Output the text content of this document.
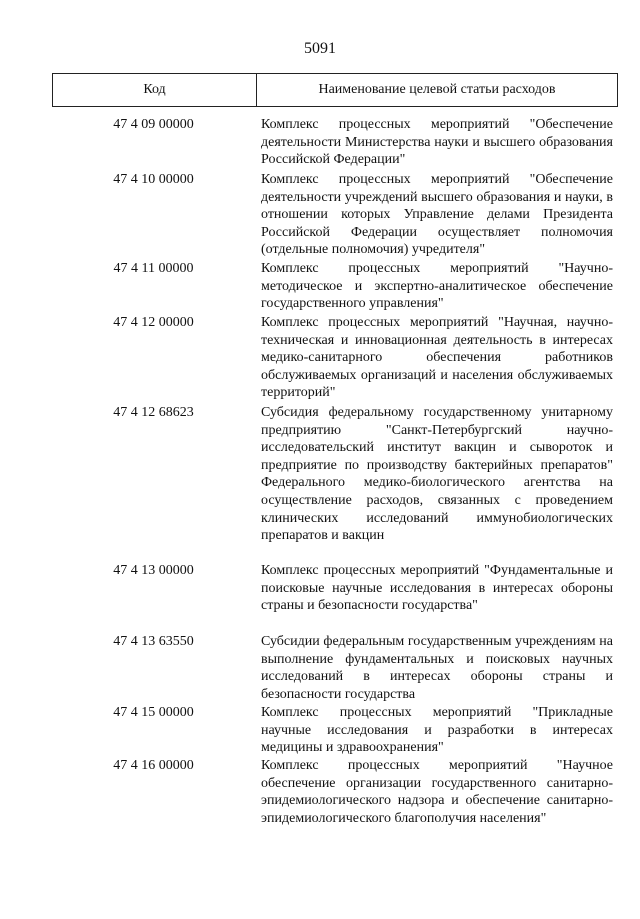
5091
Код	Наименование целевой статьи расходов
47 4 09 00000	Комплекс процессных мероприятий "Обеспечение деятельности Министерства науки и высшего образования Российской Федерации"
47 4 10 00000	Комплекс процессных мероприятий "Обеспечение деятельности учреждений высшего образования и науки, в отношении которых Управление делами Президента Российской Федерации осуществляет полномочия (отдельные полномочия) учредителя"
47 4 11 00000	Комплекс процессных мероприятий "Научно-методическое и экспертно-аналитическое обеспечение государственного управления"
47 4 12 00000	Комплекс процессных мероприятий "Научная, научно-техническая и инновационная деятельность в интересах медико-санитарного обеспечения работников обслуживаемых организаций и населения обслуживаемых территорий"
47 4 12 68623	Субсидия федеральному государственному унитарному предприятию "Санкт-Петербургский научно-исследовательский институт вакцин и сывороток и предприятие по производству бактерийных препаратов" Федерального медико-биологического агентства на осуществление расходов, связанных с проведением клинических исследований иммунобиологических препаратов и вакцин
47 4 13 00000	Комплекс процессных мероприятий "Фундаментальные и поисковые научные исследования в интересах обороны страны и безопасности государства"
47 4 13 63550	Субсидии федеральным государственным учреждениям на выполнение фундаментальных и поисковых научных исследований в интересах обороны страны и безопасности государства
47 4 15 00000	Комплекс процессных мероприятий "Прикладные научные исследования и разработки в интересах медицины и здравоохранения"
47 4 16 00000	Комплекс процессных мероприятий "Научное обеспечение организации государственного санитарно-эпидемиологического надзора и обеспечение санитарно-эпидемиологического благополучия населения"
